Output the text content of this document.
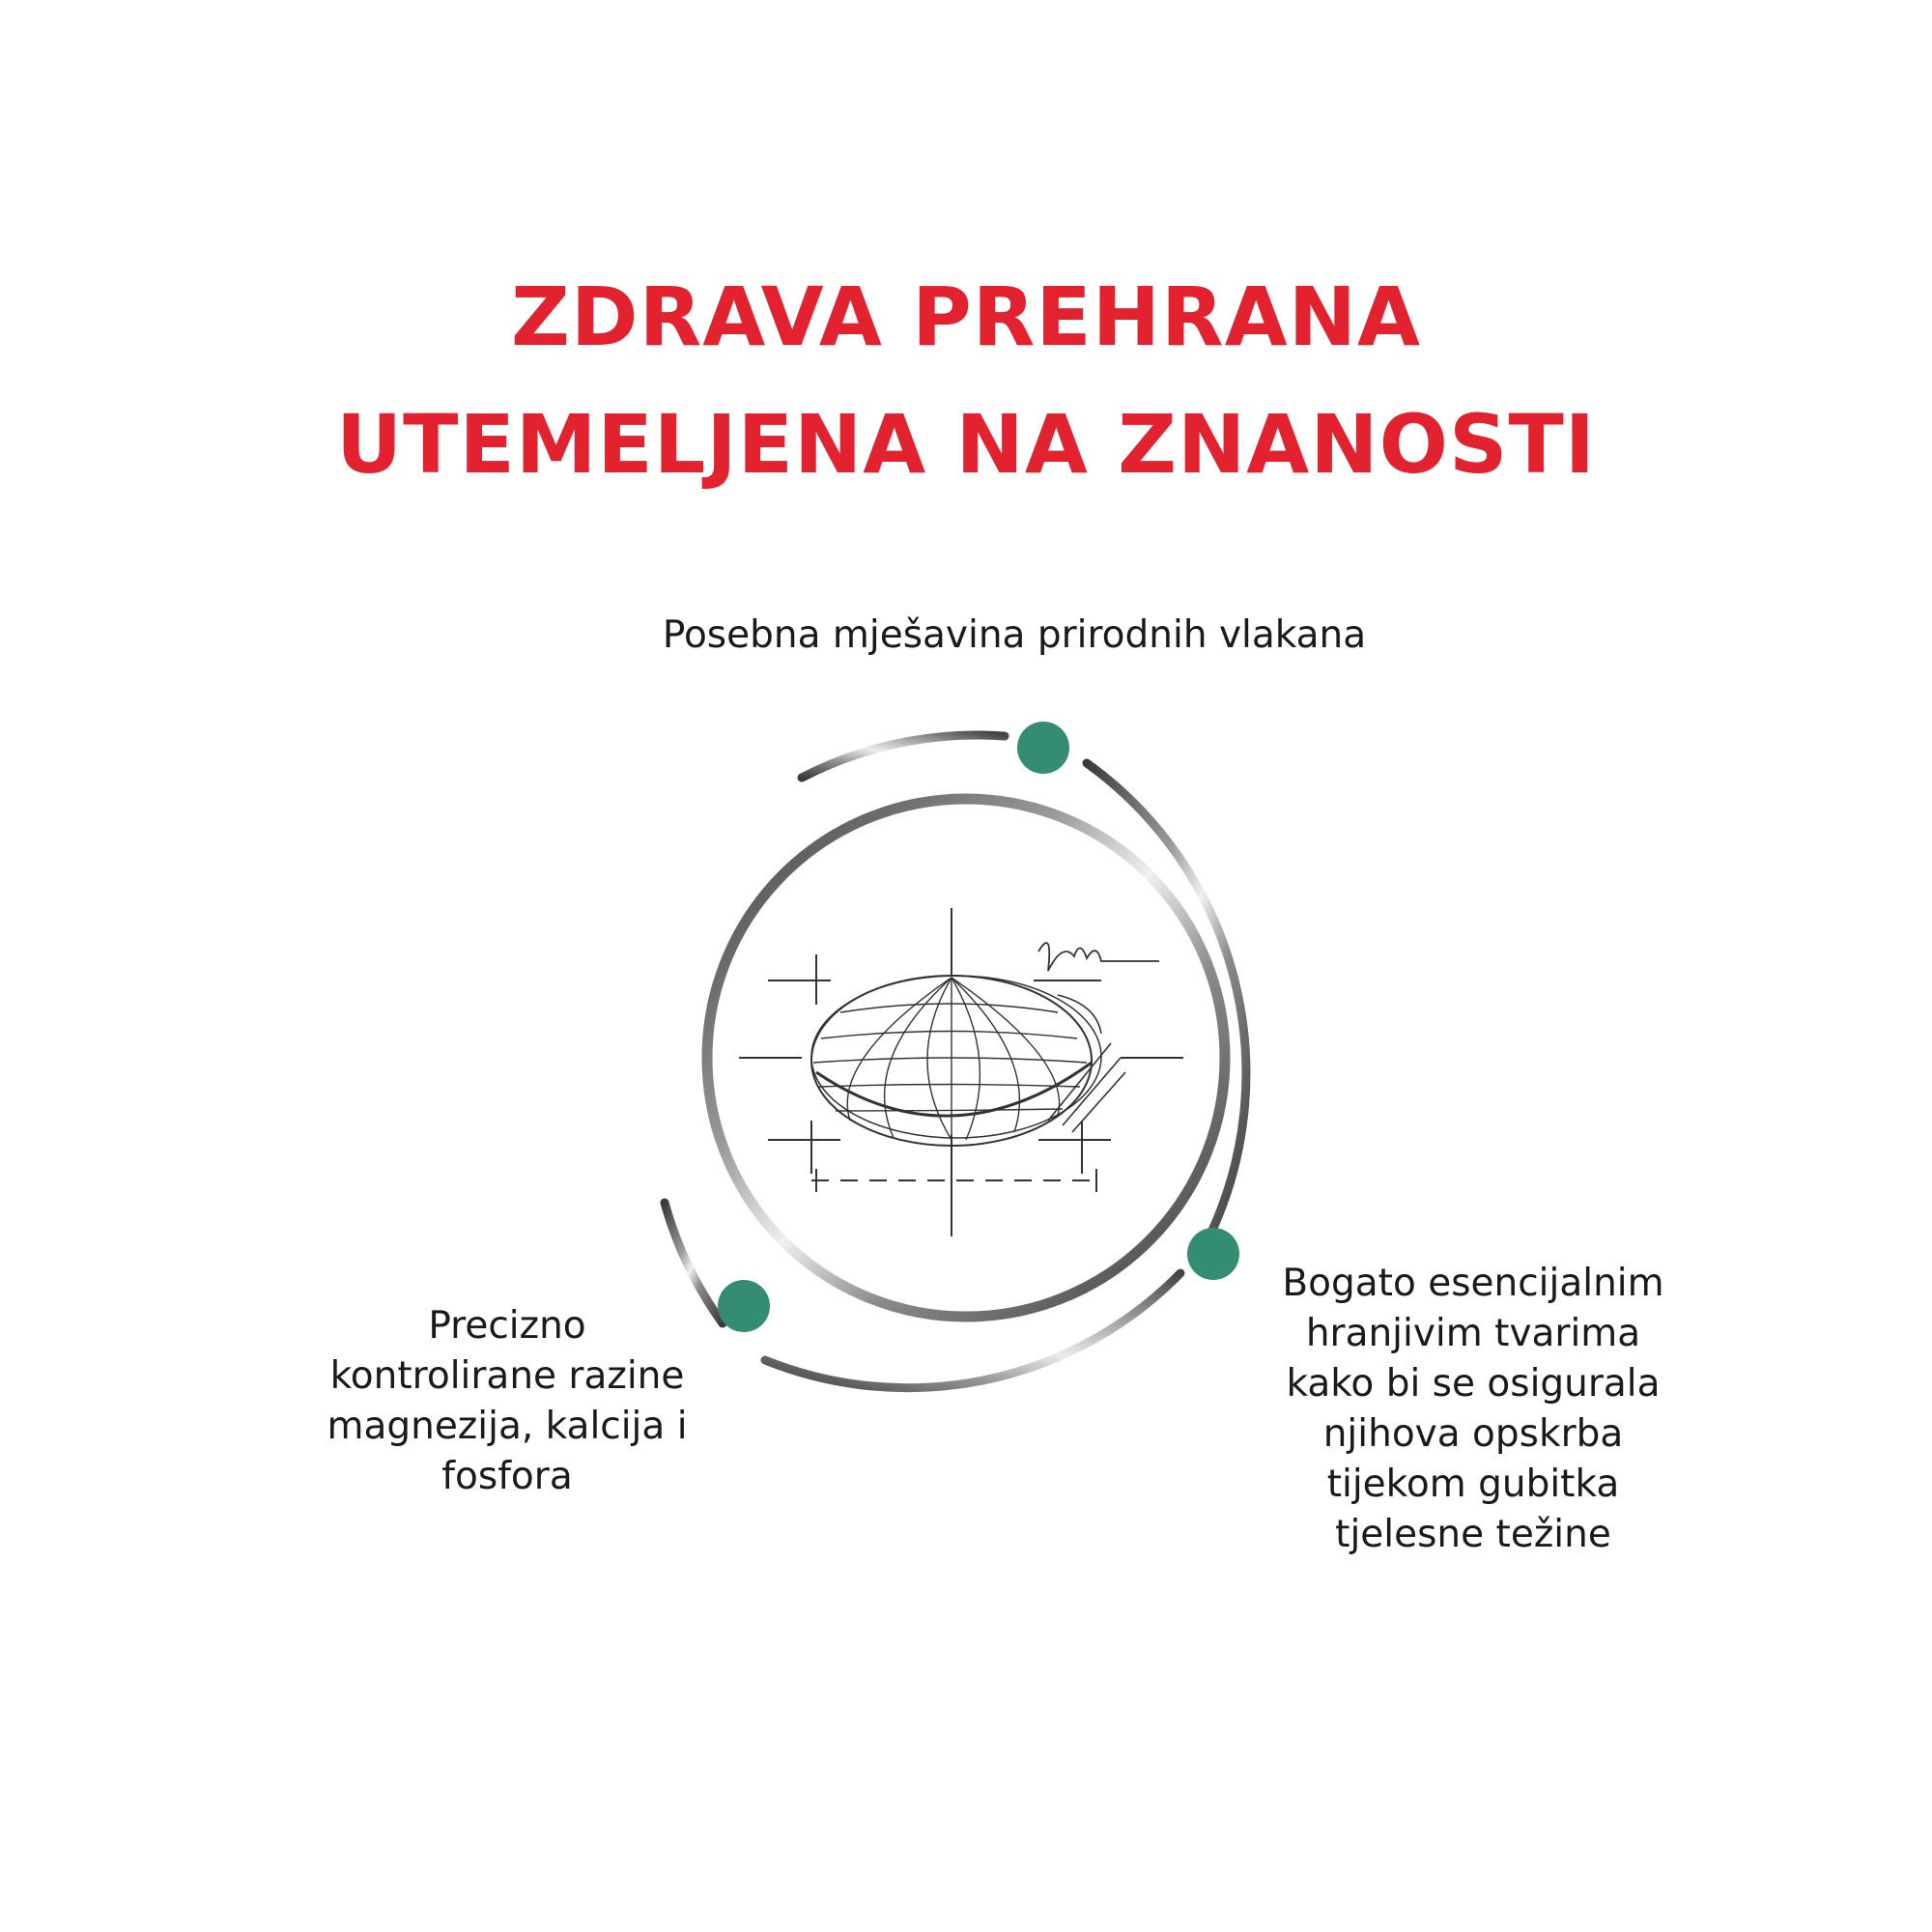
ZDRAVA PREHRANA
UTEMELJENA NA ZNANOSTI

Posebna mješavina prirodnih vlakana

Precizno
kontrolirane razine
magnezija, kalcija i
fosfora

Bogato esencijalnim
hranjivim tvarima
kako bi se osigurala
njihova opskrba
tijekom gubitka
tjelesne težine
